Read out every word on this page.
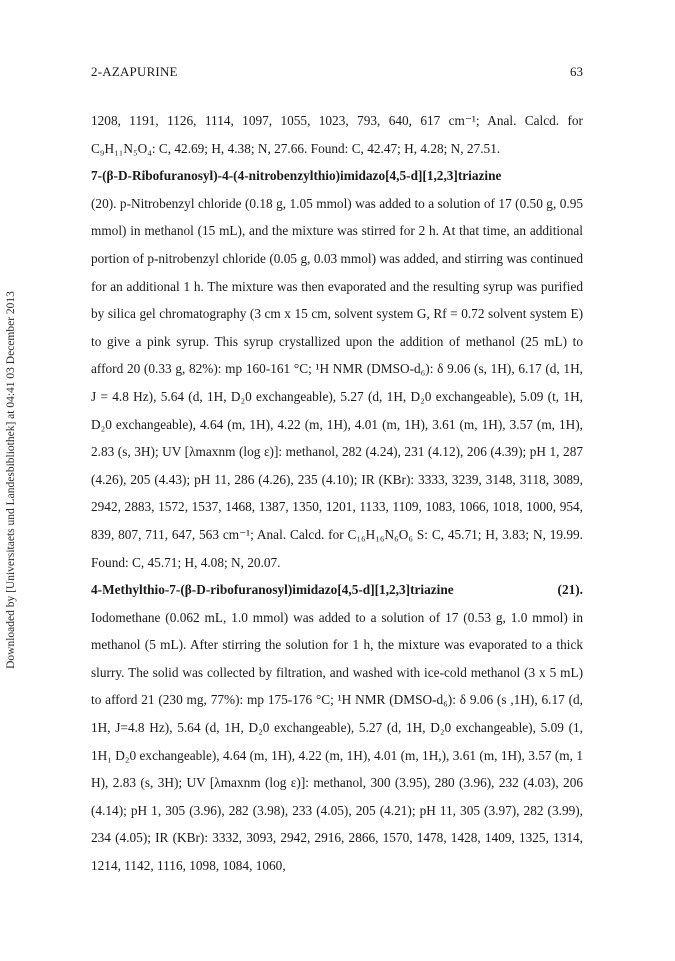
2-AZAPURINE	63
Downloaded by [Universitaets und Landesbibliothek] at 04:41 03 December 2013

1208, 1191, 1126, 1114, 1097, 1055, 1023, 793, 640, 617 cm⁻¹; Anal. Calcd. for C₉H₁₁N₅O₄: C, 42.69; H, 4.38; N, 27.66. Found: C, 42.47; H, 4.28; N, 27.51.

7-(β-D-Ribofuranosyl)-4-(4-nitrobenzylthio)imidazo[4,5-d][1,2,3]triazine
(20). p-Nitrobenzyl chloride (0.18 g, 1.05 mmol) was added to a solution of 17 (0.50 g, 0.95 mmol) in methanol (15 mL), and the mixture was stirred for 2 h. At that time, an additional portion of p-nitrobenzyl chloride (0.05 g, 0.03 mmol) was added, and stirring was continued for an additional 1 h. The mixture was then evaporated and the resulting syrup was purified by silica gel chromatography (3 cm x 15 cm, solvent system G, Rf = 0.72 solvent system E) to give a pink syrup. This syrup crystallized upon the addition of methanol (25 mL) to afford 20 (0.33 g, 82%): mp 160-161 °C; ¹H NMR (DMSO-d₆): δ 9.06 (s, 1H), 6.17 (d, 1H, J = 4.8 Hz), 5.64 (d, 1H, D₂0 exchangeable), 5.27 (d, 1H, D₂0 exchangeable), 5.09 (t, 1H, D₂0 exchangeable), 4.64 (m, 1H), 4.22 (m, 1H), 4.01 (m, 1H), 3.61 (m, 1H), 3.57 (m, 1H), 2.83 (s, 3H); UV [λmaxnm (log ε)]: methanol, 282 (4.24), 231 (4.12), 206 (4.39); pH 1, 287 (4.26), 205 (4.43); pH 11, 286 (4.26), 235 (4.10); IR (KBr): 3333, 3239, 3148, 3118, 3089, 2942, 2883, 1572, 1537, 1468, 1387, 1350, 1201, 1133, 1109, 1083, 1066, 1018, 1000, 954, 839, 807, 711, 647, 563 cm⁻¹; Anal. Calcd. for C₁₆H₁₆N₆O₆ S: C, 45.71; H, 3.83; N, 19.99. Found: C, 45.71; H, 4.08; N, 20.07.

4-Methylthio-7-(β-D-ribofuranosyl)imidazo[4,5-d][1,2,3]triazine	(21).
Iodomethane (0.062 mL, 1.0 mmol) was added to a solution of 17 (0.53 g, 1.0 mmol) in methanol (5 mL). After stirring the solution for 1 h, the mixture was evaporated to a thick slurry. The solid was collected by filtration, and washed with ice-cold methanol (3 x 5 mL) to afford 21 (230 mg, 77%): mp 175-176 °C; ¹H NMR (DMSO-d₆): δ 9.06 (s ,1H), 6.17 (d, 1H, J=4.8 Hz), 5.64 (d, 1H, D₂0 exchangeable), 5.27 (d, 1H, D₂0 exchangeable), 5.09 (1, 1H₁ D₂0 exchangeable), 4.64 (m, 1H), 4.22 (m, 1H), 4.01 (m, 1H,), 3.61 (m, 1H), 3.57 (m, 1 H), 2.83 (s, 3H); UV [λmaxnm (log ε)]: methanol, 300 (3.95), 280 (3.96), 232 (4.03), 206 (4.14); pH 1, 305 (3.96), 282 (3.98), 233 (4.05), 205 (4.21); pH 11, 305 (3.97), 282 (3.99), 234 (4.05); IR (KBr): 3332, 3093, 2942, 2916, 2866, 1570, 1478, 1428, 1409, 1325, 1314, 1214, 1142, 1116, 1098, 1084, 1060,
